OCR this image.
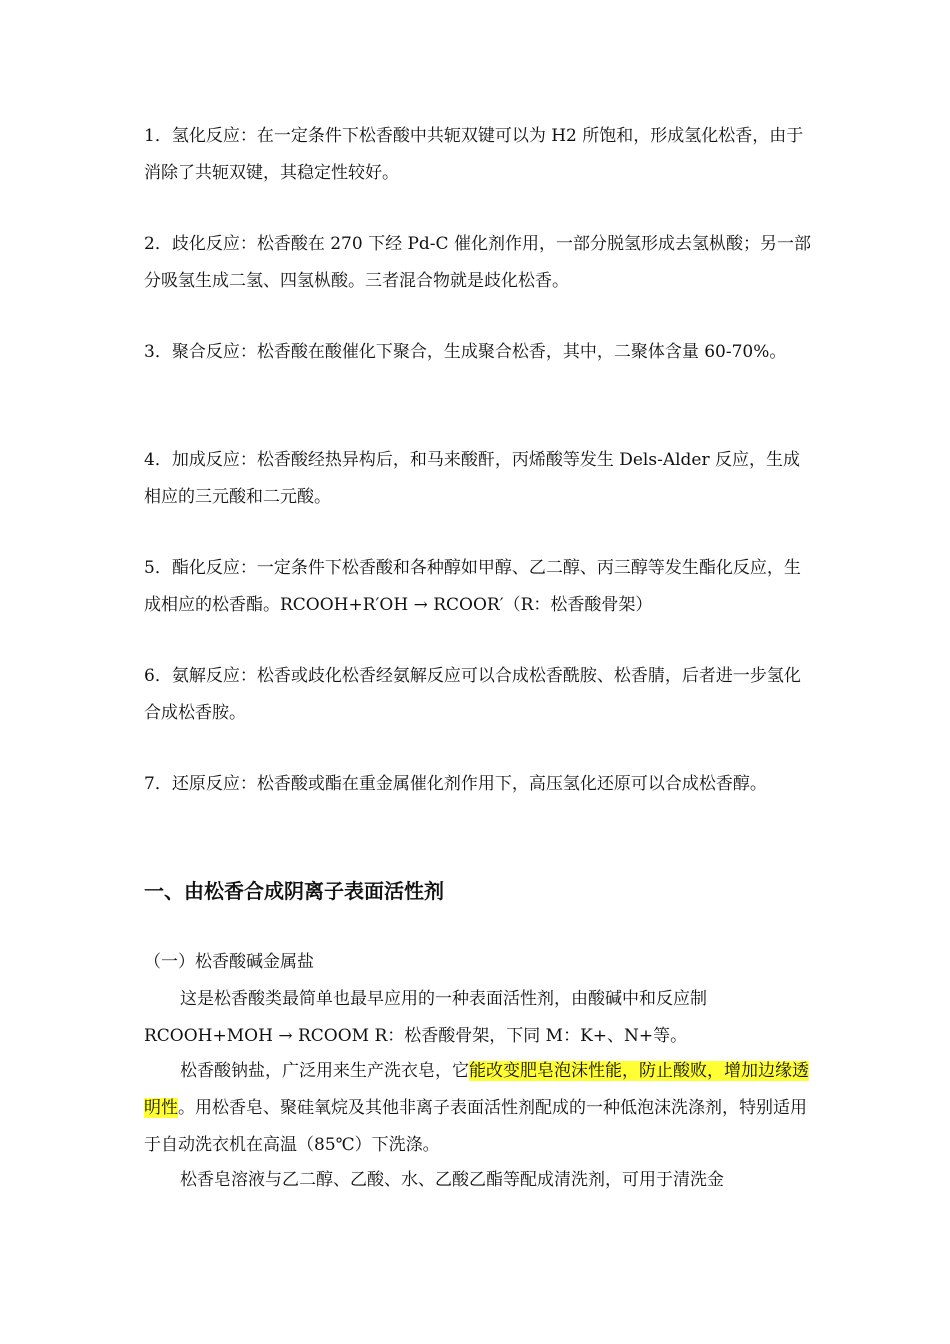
1．氢化反应：在一定条件下松香酸中共轭双键可以为 H2 所饱和，形成氢化松香，由于消除了共轭双键，其稳定性较好。

2．歧化反应：松香酸在 270 下经 Pd-C 催化剂作用，一部分脱氢形成去氢枞酸；另一部分吸氢生成二氢、四氢枞酸。三者混合物就是歧化松香。

3．聚合反应：松香酸在酸催化下聚合，生成聚合松香，其中，二聚体含量 60-70%。

4．加成反应：松香酸经热异构后，和马来酸酐，丙烯酸等发生 Dels-Alder 反应，生成相应的三元酸和二元酸。

5．酯化反应：一定条件下松香酸和各种醇如甲醇、乙二醇、丙三醇等发生酯化反应，生成相应的松香酯。RCOOH+R′OH → RCOOR′（R：松香酸骨架）

6．氨解反应：松香或歧化松香经氨解反应可以合成松香酰胺、松香腈，后者进一步氢化合成松香胺。

7．还原反应：松香酸或酯在重金属催化剂作用下，高压氢化还原可以合成松香醇。

一、由松香合成阴离子表面活性剂

（一）松香酸碱金属盐

这是松香酸类最简单也最早应用的一种表面活性剂，由酸碱中和反应制RCOOH+MOH → RCOOM R：松香酸骨架，下同 M：K+、N+等。

松香酸钠盐，广泛用来生产洗衣皂，它能改变肥皂泡沫性能，防止酸败，增加边缘透明性。用松香皂、聚硅氧烷及其他非离子表面活性剂配成的一种低泡沫洗涤剂，特别适用于自动洗衣机在高温（85℃）下洗涤。

松香皂溶液与乙二醇、乙酸、水、乙酸乙酯等配成清洗剂，可用于清洗金
